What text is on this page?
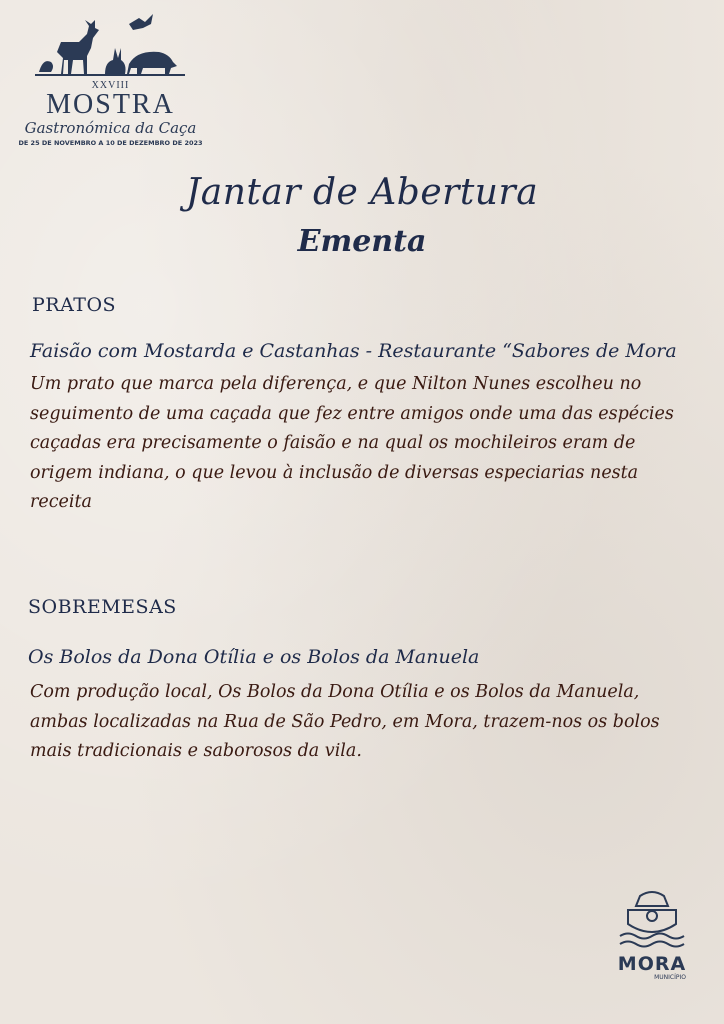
XXVIII
MOSTRA
Gastronómica da Caça
DE 25 DE NOVEMBRO A 10 DE DEZEMBRO DE 2023
Jantar de Abertura
Ementa
PRATOS
Faisão com Mostarda e Castanhas - Restaurante “Sabores de Mora
Um prato que marca pela diferença, e que Nilton Nunes escolheu no
seguimento de uma caçada que fez entre amigos onde uma das espécies
caçadas era precisamente o faisão e na qual os mochileiros eram de
origem indiana, o que levou à inclusão de diversas especiarias nesta
receita
SOBREMESAS
Os Bolos da Dona Otília e os Bolos da Manuela
Com produção local, Os Bolos da Dona Otília e os Bolos da Manuela,
ambas localizadas na Rua de São Pedro, em Mora, trazem-nos os bolos
mais tradicionais e saborosos da vila.
MORA
MUNICÍPIO
